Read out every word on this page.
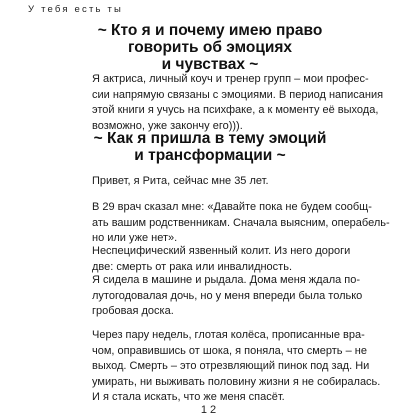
У тебя есть ты
~ Кто я и почему имею право
говорить об эмоциях
и чувствах ~
Я актриса, личный коуч и тренер групп – мои профес-
сии напрямую связаны с эмоциями. В период написания
этой книги я учусь на психфаке, а к моменту её выхода,
возможно, уже закончу его))).
~ Как я пришла в тему эмоций
и трансформации ~
Привет, я Рита, сейчас мне 35 лет.
В 29 врач сказал мне: «Давайте пока не будем сообщ-
ать вашим родственникам. Сначала выясним, оперaбель-
но или уже нет».
Неспецифический язвенный колит. Из него дороги
две: смерть от рака или инвалидность.
Я сидела в машине и рыдала. Дома меня ждала по-
лутогодовалая дочь, но у меня впереди была только
гробовая доска.
Через пару недель, глотая колёса, прописанные вра-
чом, оправившись от шока, я поняла, что смерть – не
выход. Смерть – это отрезвляющий пинок под зад. Ни
умирать, ни выживать половину жизни я не собиралась.
И я стала искать, что же меня спасёт.
12
